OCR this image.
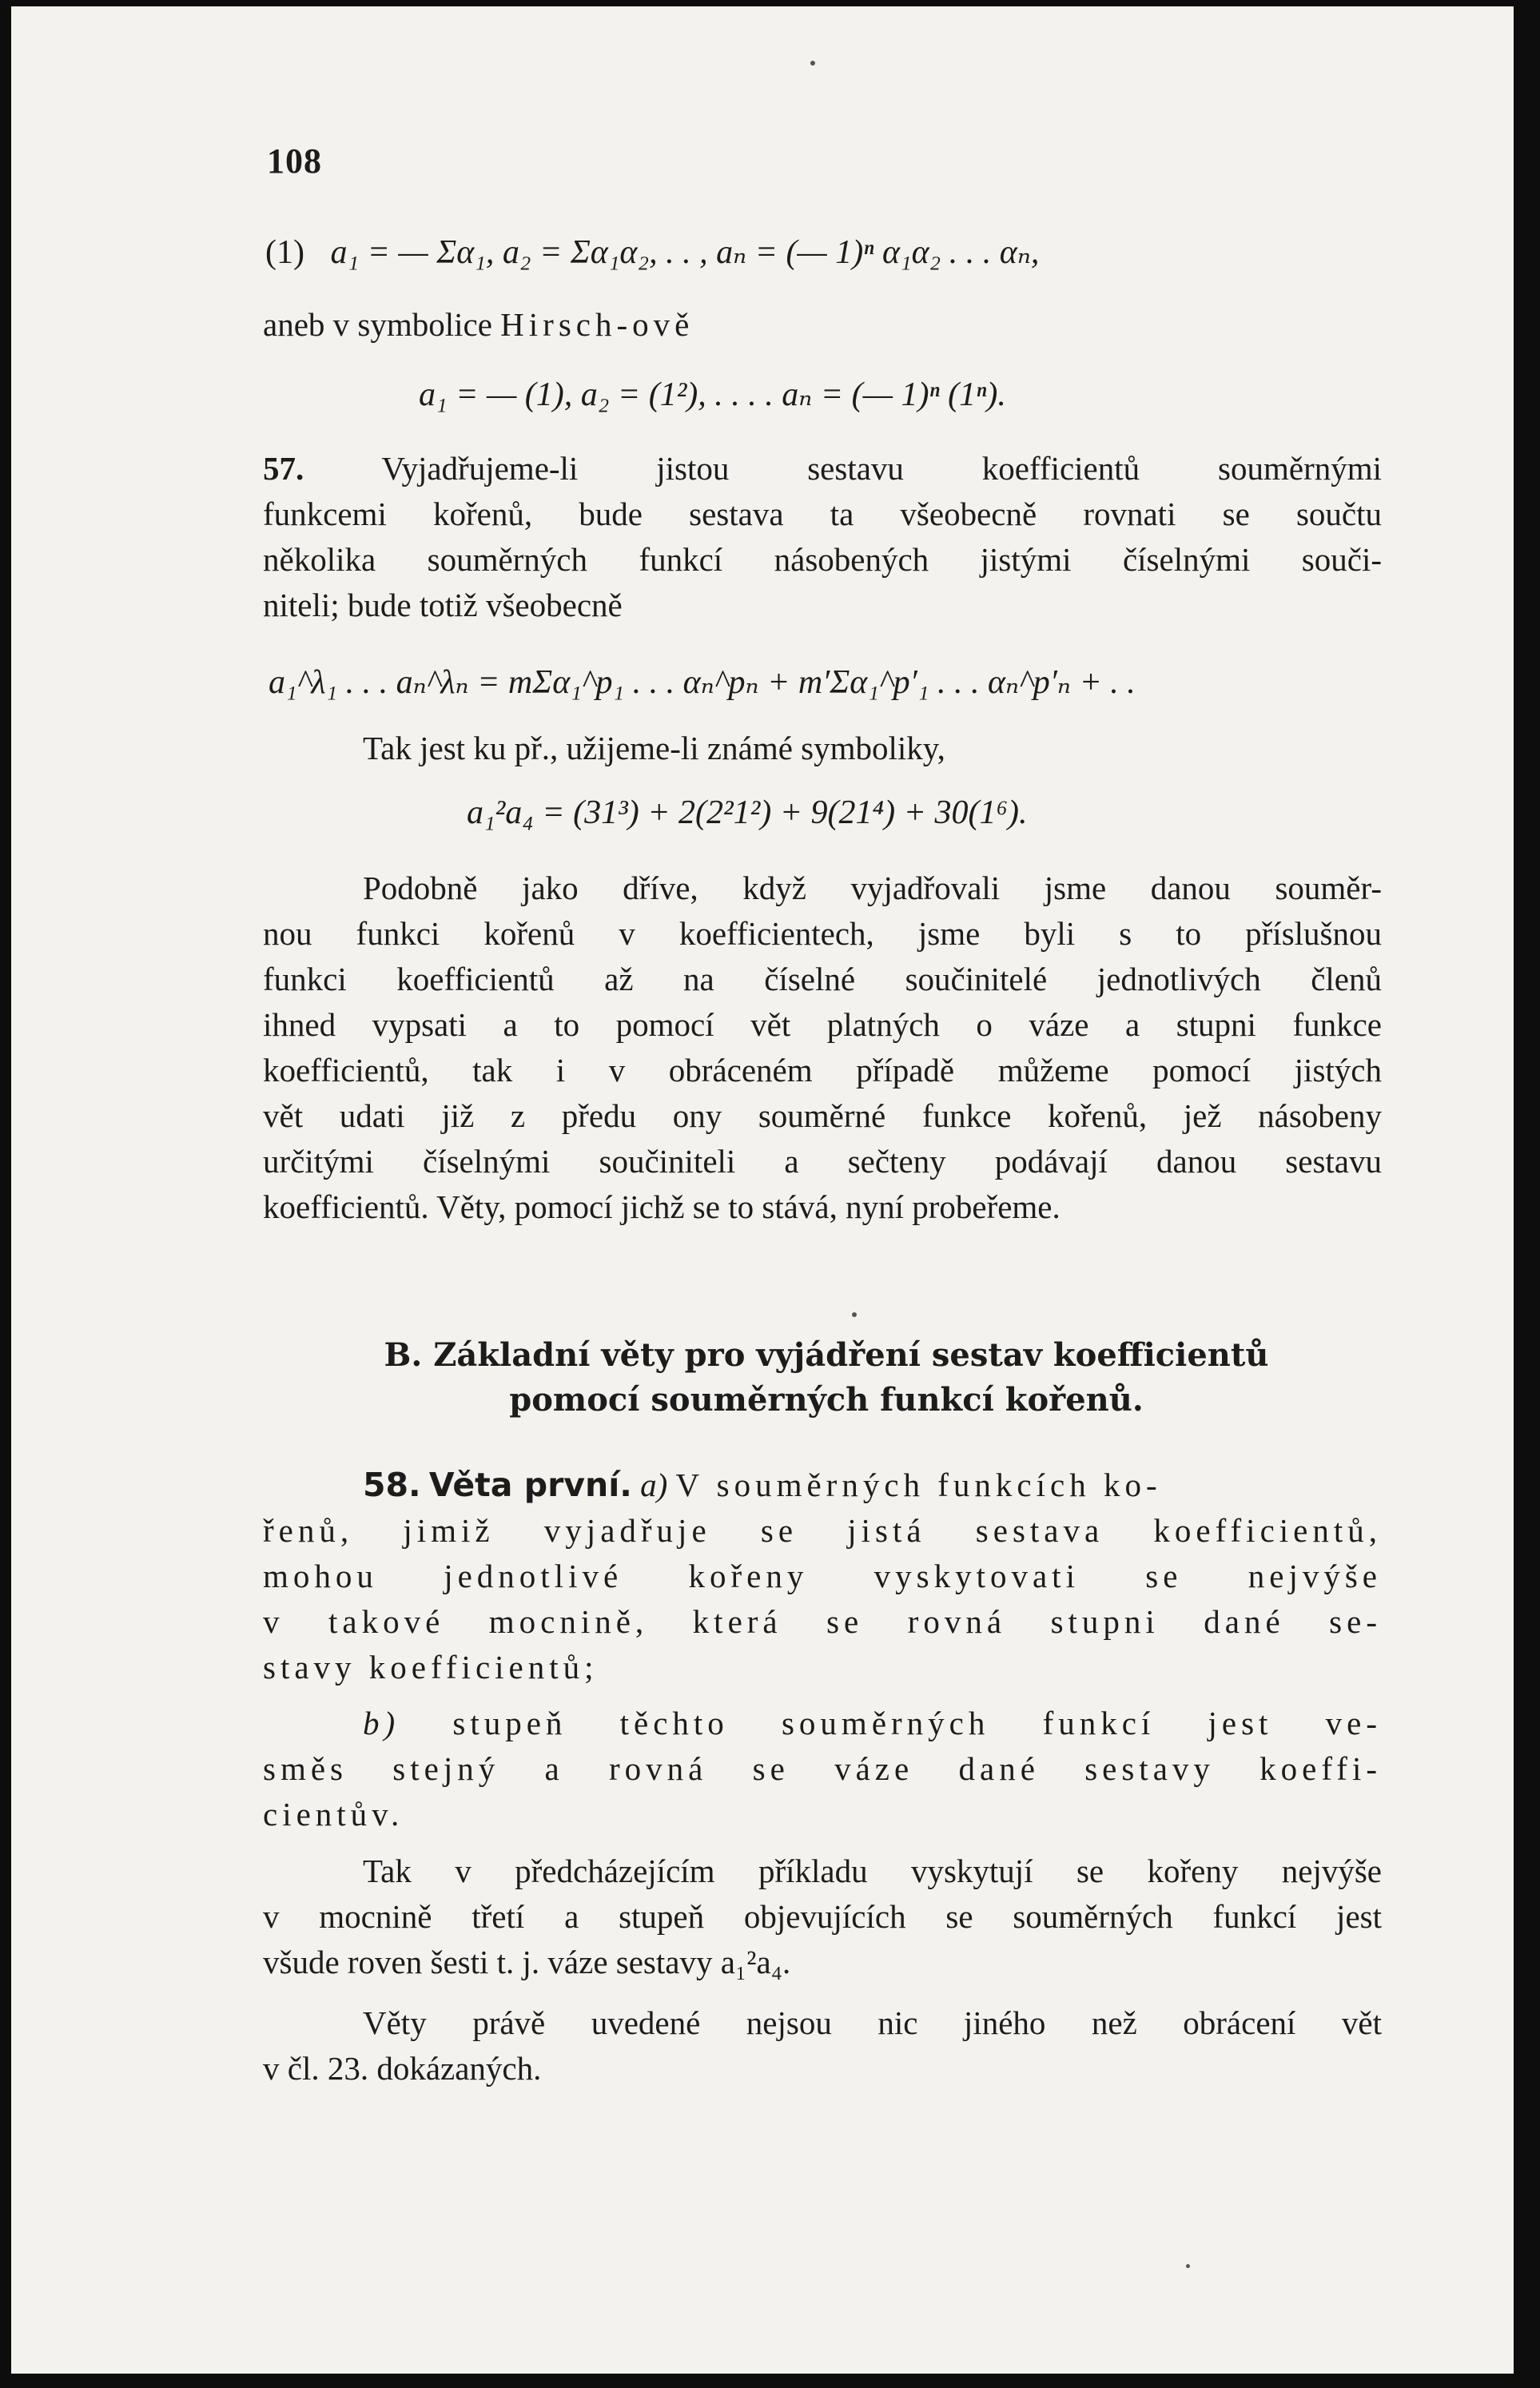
108
(1) a₁ = — Σα₁, a₂ = Σα₁α₂, . . , aₙ = (— 1)ⁿ α₁α₂ . . . αₙ,
aneb v symbolice Hirsch-ově
a₁ = — (1), a₂ = (1²), . . . . aₙ = (— 1)ⁿ (1ⁿ).
57. Vyjadřujeme-li jistou sestavu koefficientů souměrnými
funkcemi kořenů, bude sestava ta všeobecně rovnati se součtu
několika souměrných funkcí násobených jistými číselnými souči-
niteli; bude totiž všeobecně
a₁^λ₁ . . . aₙ^λₙ = mΣα₁^p₁ . . . αₙ^pₙ + m′Σα₁^p′₁ . . . αₙ^p′ₙ + . .
Tak jest ku př., užijeme-li známé symboliky,
a₁²a₄ = (31³) + 2(2²1²) + 9(21⁴) + 30(1⁶).
Podobně jako dříve, když vyjadřovali jsme danou souměr-
nou funkci kořenů v koefficientech, jsme byli s to příslušnou
funkci koefficientů až na číselné součinitelé jednotlivých členů
ihned vypsati a to pomocí vět platných o váze a stupni funkce
koefficientů, tak i v obráceném případě můžeme pomocí jistých
vět udati již z předu ony souměrné funkce kořenů, jež násobeny
určitými číselnými součiniteli a sečteny podávají danou sestavu
koefficientů. Věty, pomocí jichž se to stává, nyní probeřeme.
B. Základní věty pro vyjádření sestav koefficientů
pomocí souměrných funkcí kořenů.
58. Věta první. a) V souměrných funkcích ko-
řenů, jimiž vyjadřuje se jistá sestava koefficientů,
mohou jednotlivé kořeny vyskytovati se nejvýše
v takové mocnině, která se rovná stupni dané se-
stavy koefficientů;
b) stupeň těchto souměrných funkcí jest ve-
směs stejný a rovná se váze dané sestavy koeffi-
cientův.
Tak v předcházejícím příkladu vyskytují se kořeny nejvýše
v mocnině třetí a stupeň objevujících se souměrných funkcí jest
všude roven šesti t. j. váze sestavy a₁²a₄.
Věty právě uvedené nejsou nic jiného než obrácení vět
v čl. 23. dokázaných.
